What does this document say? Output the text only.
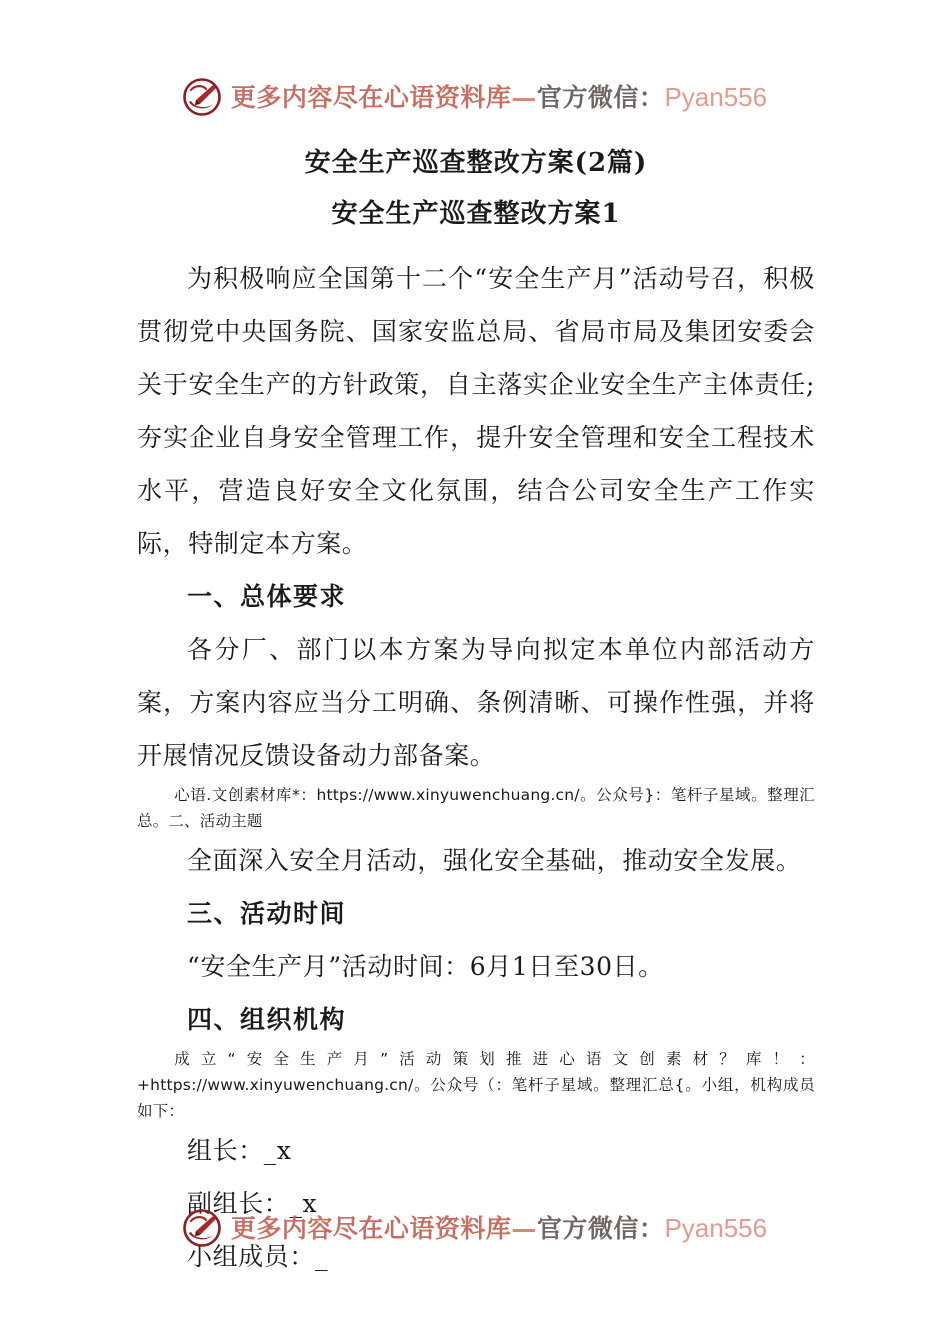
更多内容尽在心语资料库—官方微信：Pyan556
安全生产巡查整改方案(2篇)
安全生产巡查整改方案1

为积极响应全国第十二个“安全生产月”活动号召，积极贯彻党中央国务院、国家安监总局、省局市局及集团安委会关于安全生产的方针政策，自主落实企业安全生产主体责任;夯实企业自身安全管理工作，提升安全管理和安全工程技术水平，营造良好安全文化氛围，结合公司安全生产工作实际，特制定本方案。

一、总体要求

各分厂、部门以本方案为导向拟定本单位内部活动方案，方案内容应当分工明确、条例清晰、可操作性强，并将开展情况反馈设备动力部备案。

心语.文创素材库*：https://www.xinyuwenchuang.cn/。公众号}：笔杆子星域。整理汇总。二、活动主题

全面深入安全月活动，强化安全基础，推动安全发展。

三、活动时间

“安全生产月”活动时间：6月1日至30日。

四、组织机构

成立“安全生产月”活动策划推进心语文创素材？库！： +https://www.xinyuwenchuang.cn/。公众号（：笔杆子星域。整理汇总{。小组，机构成员如下：

组长：_x

副组长：_x

小组成员：_

更多内容尽在心语资料库—官方微信：Pyan556
